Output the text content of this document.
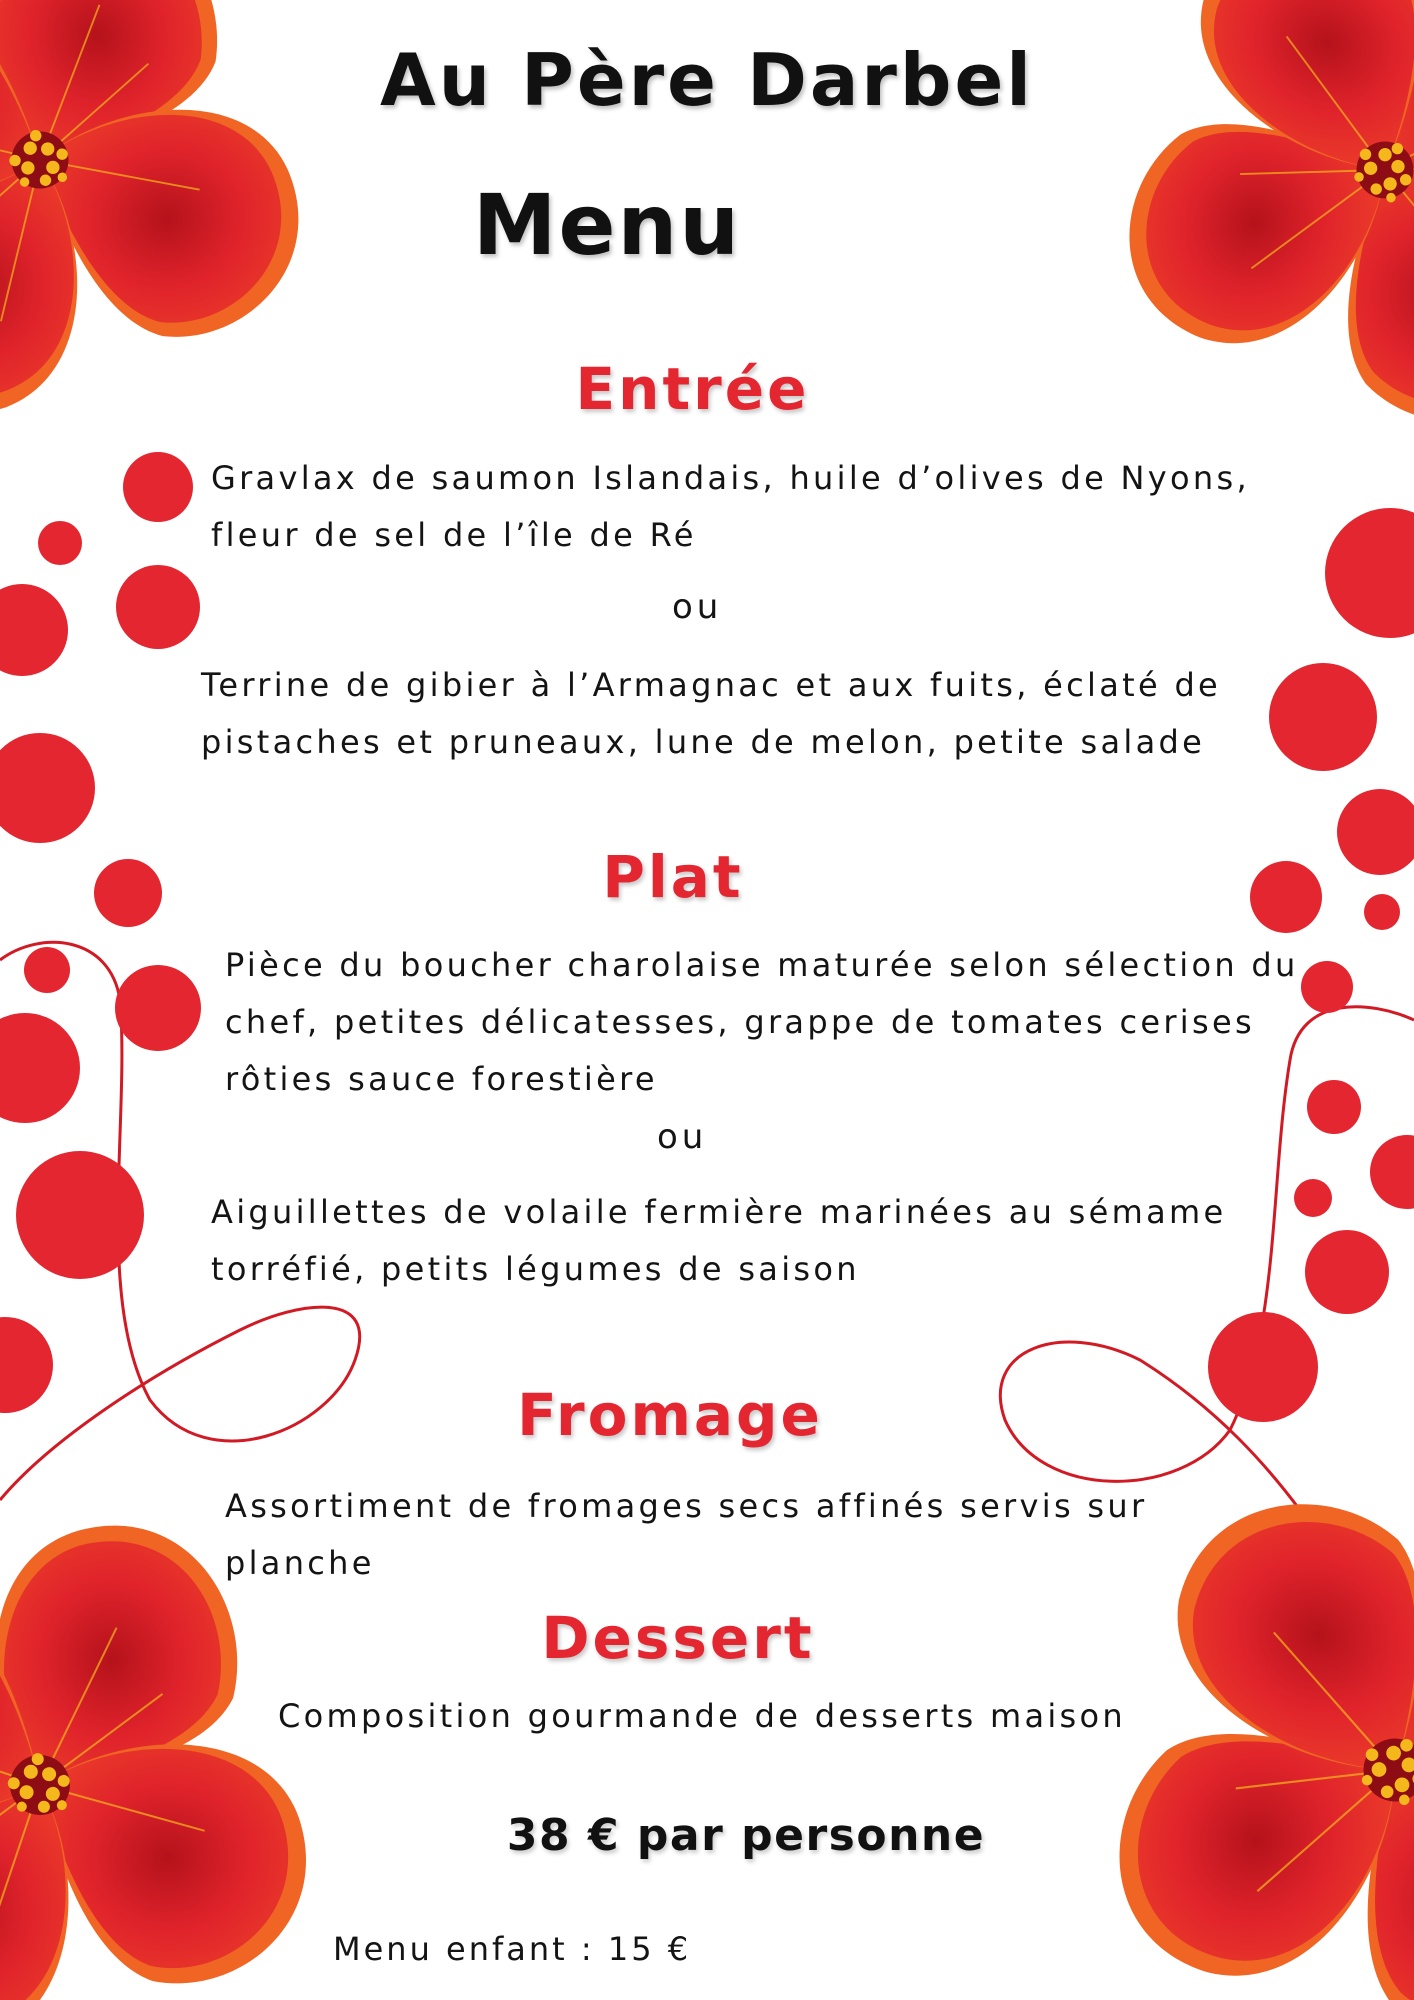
Au Père Darbel
Menu
Entrée

Gravlax de saumon Islandais, huile d’olives de Nyons, fleur de sel de l’île de Ré

ou

Terrine de gibier à l’Armagnac et aux fuits, éclaté de pistaches et pruneaux, lune de melon, petite salade

Plat

Pièce du boucher charolaise maturée selon sélection du chef, petites délicatesses, grappe de tomates cerises rôties sauce forestière

ou

Aiguillettes de volaile fermière marinées au sémame torréfié, petits légumes de saison

Fromage

Assortiment de fromages secs affinés servis sur planche

Dessert

Composition gourmande de desserts maison

38 € par personne

Menu enfant : 15 €
